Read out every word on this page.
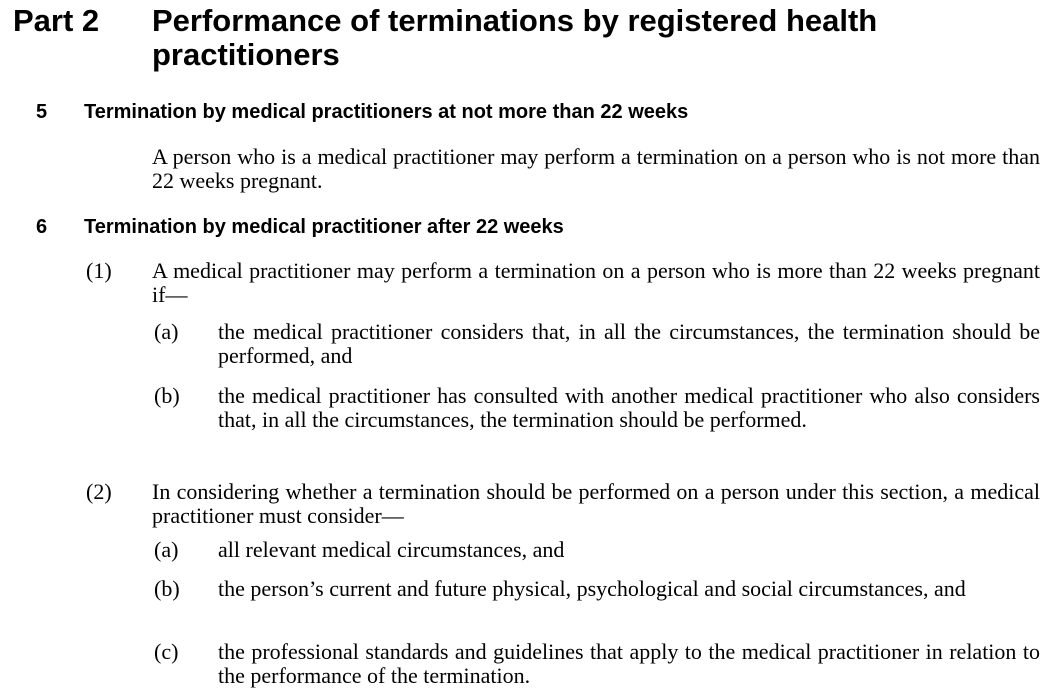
Part 2 Performance of terminations by registered health practitioners
5 Termination by medical practitioners at not more than 22 weeks
A person who is a medical practitioner may perform a termination on a person who is not more than 22 weeks pregnant.
6 Termination by medical practitioner after 22 weeks
(1) A medical practitioner may perform a termination on a person who is more than 22 weeks pregnant if—
(a) the medical practitioner considers that, in all the circumstances, the termination should be performed, and
(b) the medical practitioner has consulted with another medical practitioner who also considers that, in all the circumstances, the termination should be performed.
(2) In considering whether a termination should be performed on a person under this section, a medical practitioner must consider—
(a) all relevant medical circumstances, and
(b) the person’s current and future physical, psychological and social circumstances, and
(c) the professional standards and guidelines that apply to the medical practitioner in relation to the performance of the termination.
